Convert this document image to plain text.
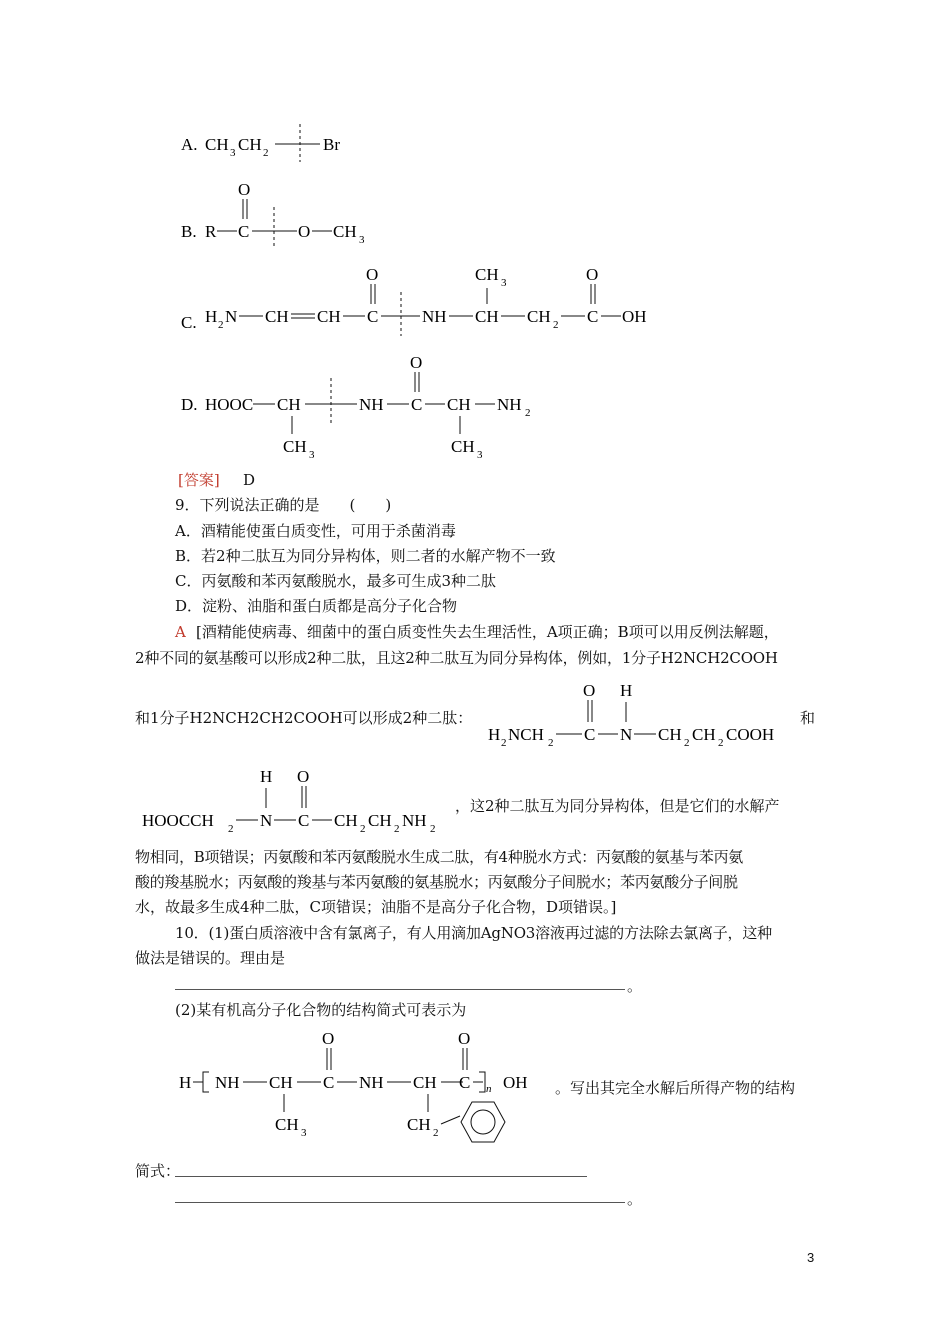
A. CH 3 CH 2	Br
B. R C
O
O CH 3
C. H 2 N CH CH C
O
NH CH
CH 3
CH 2 C
O
OH
D. HOOC CH
CH 3
NH C
O
CH
CH 3
NH 2
[答案] D
9．下列说法正确的是　　(　　)
A．酒精能使蛋白质变性，可用于杀菌消毒
B．若2种二肽互为同分异构体，则二者的水解产物不一致
C．丙氨酸和苯丙氨酸脱水，最多可生成3种二肽
D．淀粉、油脂和蛋白质都是高分子化合物
A [酒精能使病毒、细菌中的蛋白质变性失去生理活性，A项正确；B项可以用反例法解题，
2种不同的氨基酸可以形成2种二肽，且这2种二肽互为同分异构体，例如，1分子H2NCH2COOH
和1分子H2NCH2CH2COOH可以形成2种二肽：
H 2 NCH 2 C
O
N
H
CH 2 CH 2 COOH
和
HOOCCH 2 N
H
C
O
CH 2 CH 2 NH 2
，这2种二肽互为同分异构体，但是它们的水解产
物相同，B项错误；丙氨酸和苯丙氨酸脱水生成二肽，有4种脱水方式：丙氨酸的氨基与苯丙氨
酸的羧基脱水；丙氨酸的羧基与苯丙氨酸的氨基脱水；丙氨酸分子间脱水；苯丙氨酸分子间脱
水，故最多生成4种二肽，C项错误；油脂不是高分子化合物，D项错误。]
10．(1)蛋白质溶液中含有氯离子，有人用滴加AgNO3溶液再过滤的方法除去氯离子，这种
做法是错误的。理由是
。
(2)某有机高分子化合物的结构简式可表示为
H NH CH
CH 3
C
O
NH CH
CH 2
C
O
n OH 。写出其完全水解后所得产物的结构
简式：
。
3
